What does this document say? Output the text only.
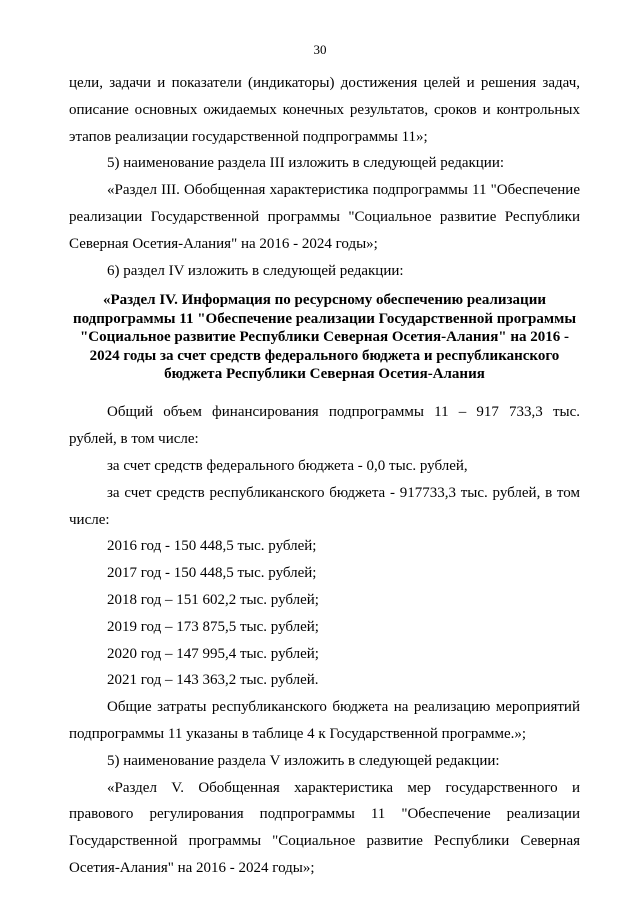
30

цели, задачи и показатели (индикаторы) достижения целей и решения задач, описание основных ожидаемых конечных результатов, сроков и контрольных этапов реализации государственной подпрограммы 11»;

5) наименование раздела III изложить в следующей редакции:

«Раздел III. Обобщенная характеристика подпрограммы 11 "Обеспечение реализации Государственной программы "Социальное развитие Республики Северная Осетия-Алания" на 2016 - 2024 годы»;

6) раздел IV изложить в следующей редакции:

«Раздел IV. Информация по ресурсному обеспечению реализации подпрограммы 11 "Обеспечение реализации Государственной программы "Социальное развитие Республики Северная Осетия-Алания" на 2016 - 2024 годы за счет средств федерального бюджета и республиканского бюджета Республики Северная Осетия-Алания

Общий объем финансирования подпрограммы 11 – 917 733,3 тыс. рублей, в том числе:

за счет средств федерального бюджета - 0,0 тыс. рублей,

за счет средств республиканского бюджета - 917733,3 тыс. рублей, в том числе:

2016 год - 150 448,5 тыс. рублей;

2017 год - 150 448,5 тыс. рублей;

2018 год – 151 602,2 тыс. рублей;

2019 год – 173 875,5 тыс. рублей;

2020 год – 147 995,4 тыс. рублей;

2021 год – 143 363,2 тыс. рублей.

Общие затраты республиканского бюджета на реализацию мероприятий подпрограммы 11 указаны в таблице 4 к Государственной программе.»;

5) наименование раздела V изложить в следующей редакции:

«Раздел V. Обобщенная характеристика мер государственного и правового регулирования подпрограммы 11 "Обеспечение реализации Государственной программы "Социальное развитие Республики Северная Осетия-Алания" на 2016 - 2024 годы»;
